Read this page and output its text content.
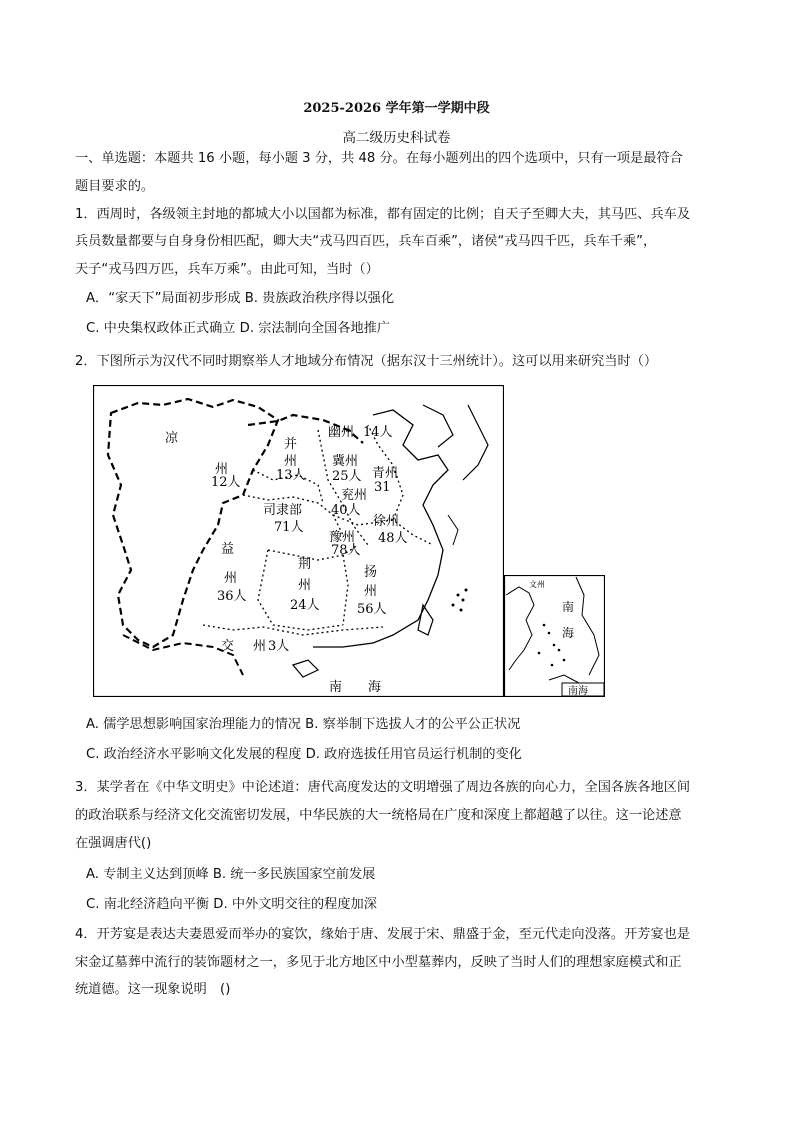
2025-2026 学年第一学期中段
高二级历史科试卷
一、单选题：本题共 16 小题，每小题 3 分，共 48 分。在每小题列出的四个选项中，只有一项是最符合
题目要求的。
1．西周时，各级领主封地的都城大小以国都为标准，都有固定的比例；自天子至卿大夫，其马匹、兵车及
兵员数量都要与自身身份相匹配，卿大夫“戎马四百匹，兵车百乘”，诸侯“戎马四千匹，兵车千乘”，
天子“戎马四万匹，兵车万乘”。由此可知，当时（）
A．“家天下”局面初步形成 B. 贵族政治秩序得以强化
C. 中央集权政体正式确立 D. 宗法制向全国各地推广
2．下图所示为汉代不同时期察举人才地域分布情况（据东汉十三州统计）。这可以用来研究当时（）
凉
州
12人
并
州
13人
幽州 14人
冀州
25人 青州
31
兖州
40人
司隶部
71人	徐州
48人
豫州
78人
益
州
36人
荆
州
24人
扬
州
56人
交 州 3人
南　　海
文州
南
海
南海
A. 儒学思想影响国家治理能力的情况 B. 察举制下选拔人才的公平公正状况
C. 政治经济水平影响文化发展的程度 D. 政府选拔任用官员运行机制的变化
3．某学者在《中华文明史》中论述道：唐代高度发达的文明增强了周边各族的向心力，全国各族各地区间
的政治联系与经济文化交流密切发展，中华民族的大一统格局在广度和深度上都超越了以往。这一论述意
在强调唐代()
A. 专制主义达到顶峰 B. 统一多民族国家空前发展
C. 南北经济趋向平衡 D. 中外文明交往的程度加深
4．开芳宴是表达夫妻恩爱而举办的宴饮，缘始于唐、发展于宋、鼎盛于金，至元代走向没落。开芳宴也是
宋金辽墓葬中流行的装饰题材之一，多见于北方地区中小型墓葬内，反映了当时人们的理想家庭模式和正
统道德。这一现象说明　()
